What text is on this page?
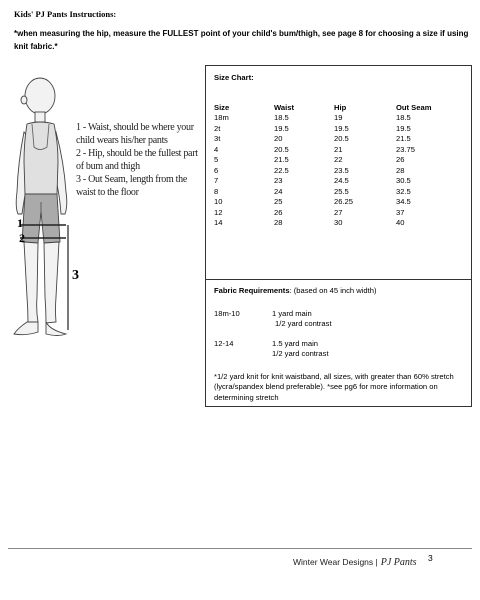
Kids' PJ Pants Instructions:
*when measuring the hip, measure the FULLEST point of your child's bum/thigh, see page 8 for choosing a size if using knit fabric.*
1
2
3
1 - Waist, should be where your child wears his/her pants
2 - Hip, should be the fullest part of bum and thigh
3 - Out Seam, length from the waist to the floor
Size Chart:
Size	Waist	Hip	Out Seam
18m	18.5	19	18.5
2t	19.5	19.5	19.5
3t	20	20.5	21.5
4	20.5	21	23.75
5	21.5	22	26
6	22.5	23.5	28
7	23	24.5	30.5
8	24	25.5	32.5
10	25	26.25	34.5
12	26	27	37
14	28	30	40
Fabric Requirements: (based on 45 inch width)
18m-10	1 yard main
1/2 yard contrast
12-14	1.5 yard main
1/2 yard contrast
*1/2 yard knit for knit waistband, all sizes, with greater than 60% stretch (lycra/spandex blend preferable). *see pg6 for more information on determining stretch
Winter Wear Designs | PJ Pants 3
